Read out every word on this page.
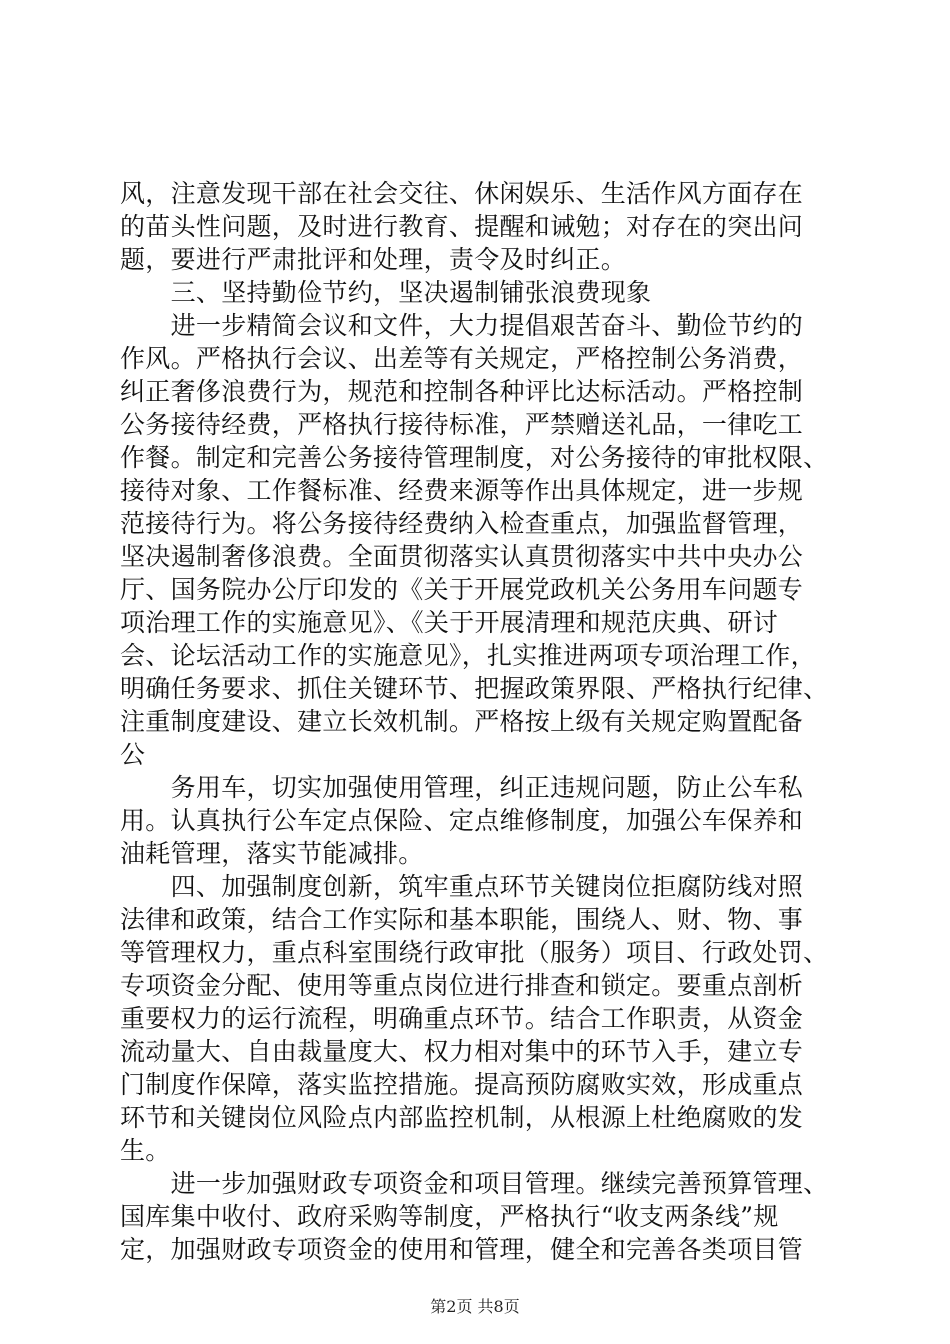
风，注意发现干部在社会交往、休闲娱乐、生活作风方面存在
的苗头性问题，及时进行教育、提醒和诫勉；对存在的突出问
题，要进行严肃批评和处理，责令及时纠正。
　　三、坚持勤俭节约，坚决遏制铺张浪费现象
　　进一步精简会议和文件，大力提倡艰苦奋斗、勤俭节约的
作风。严格执行会议、出差等有关规定，严格控制公务消费，
纠正奢侈浪费行为，规范和控制各种评比达标活动。严格控制
公务接待经费，严格执行接待标准，严禁赠送礼品，一律吃工
作餐。制定和完善公务接待管理制度，对公务接待的审批权限、
接待对象、工作餐标准、经费来源等作出具体规定，进一步规
范接待行为。将公务接待经费纳入检查重点，加强监督管理，
坚决遏制奢侈浪费。全面贯彻落实认真贯彻落实中共中央办公
厅、国务院办公厅印发的《关于开展党政机关公务用车问题专
项治理工作的实施意见》、《关于开展清理和规范庆典、研讨
会、论坛活动工作的实施意见》，扎实推进两项专项治理工作，
明确任务要求、抓住关键环节、把握政策界限、严格执行纪律、
注重制度建设、建立长效机制。严格按上级有关规定购置配备
公
　　务用车，切实加强使用管理，纠正违规问题，防止公车私
用。认真执行公车定点保险、定点维修制度，加强公车保养和
油耗管理，落实节能减排。
　　四、加强制度创新，筑牢重点环节关键岗位拒腐防线对照
法律和政策，结合工作实际和基本职能，围绕人、财、物、事
等管理权力，重点科室围绕行政审批（服务）项目、行政处罚、
专项资金分配、使用等重点岗位进行排查和锁定。要重点剖析
重要权力的运行流程，明确重点环节。结合工作职责，从资金
流动量大、自由裁量度大、权力相对集中的环节入手，建立专
门制度作保障，落实监控措施。提高预防腐败实效，形成重点
环节和关键岗位风险点内部监控机制，从根源上杜绝腐败的发
生。
　　进一步加强财政专项资金和项目管理。继续完善预算管理、
国库集中收付、政府采购等制度，严格执行“收支两条线”规
定，加强财政专项资金的使用和管理，健全和完善各类项目管
第2页 共8页
